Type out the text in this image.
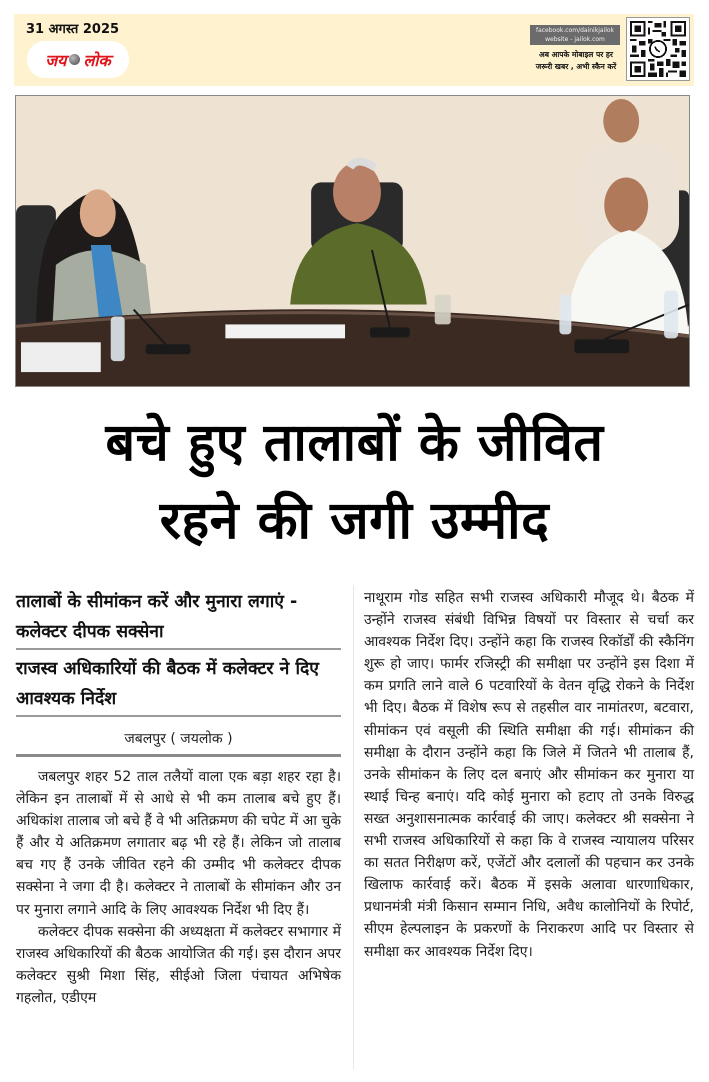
31 अगस्त 2025
जय लोक
facebook.com/dainikjailok
website - jailok.com
अब आपके मोबाइल पर हर
जरूरी खबर , अभी स्कैन करें
बचे हुए तालाबों के जीवित
रहने की जगी उम्मीद
तालाबों के सीमांकन करें और मुनारा लगाएं - कलेक्टर दीपक सक्सेना
राजस्व अधिकारियों की बैठक में कलेक्टर ने दिए आवश्यक निर्देश
जबलपुर ( जयलोक )

जबलपुर शहर 52 ताल तलैयों वाला एक बड़ा शहर रहा है। लेकिन इन तालाबों में से आधे से भी कम तालाब बचे हुए हैं। अधिकांश तालाब जो बचे हैं वे भी अतिक्रमण की चपेट में आ चुके हैं और ये अतिक्रमण लगातार बढ़ भी रहे हैं। लेकिन जो तालाब बच गए हैं उनके जीवित रहने की उम्मीद भी कलेक्टर दीपक सक्सेना ने जगा दी है। कलेक्टर ने तालाबों के सीमांकन और उन पर मुनारा लगाने आदि के लिए आवश्यक निर्देश भी दिए हैं।

कलेक्टर दीपक सक्सेना की अध्यक्षता में कलेक्टर सभागार में राजस्व अधिकारियों की बैठक आयोजित की गई। इस दौरान अपर कलेक्टर सुश्री मिशा सिंह, सीईओ जिला पंचायत अभिषेक गहलोत, एडीएम

नाथूराम गोड सहित सभी राजस्व अधिकारी मौजूद थे। बैठक में उन्होंने राजस्व संबंधी विभिन्न विषयों पर विस्तार से चर्चा कर आवश्यक निर्देश दिए। उन्होंने कहा कि राजस्व रिकॉर्डों की स्कैनिंग शुरू हो जाए। फार्मर रजिस्ट्री की समीक्षा पर उन्होंने इस दिशा में कम प्रगति लाने वाले 6 पटवारियों के वेतन वृद्धि रोकने के निर्देश भी दिए। बैठक में विशेष रूप से तहसील वार नामांतरण, बटवारा, सीमांकन एवं वसूली की स्थिति समीक्षा की गई। सीमांकन की समीक्षा के दौरान उन्होंने कहा कि जिले में जितने भी तालाब हैं, उनके सीमांकन के लिए दल बनाएं और सीमांकन कर मुनारा या स्थाई चिन्ह बनाएं। यदि कोई मुनारा को हटाए तो उनके विरुद्ध सख्त अनुशासनात्मक कार्रवाई की जाए। कलेक्टर श्री सक्सेना ने सभी राजस्व अधिकारियों से कहा कि वे राजस्व न्यायालय परिसर का सतत निरीक्षण करें, एजेंटों और दलालों की पहचान कर उनके खिलाफ कार्रवाई करें। बैठक में इसके अलावा धारणाधिकार, प्रधानमंत्री मंत्री किसान सम्मान निधि, अवैध कालोनियों के रिपोर्ट, सीएम हेल्पलाइन के प्रकरणों के निराकरण आदि पर विस्तार से समीक्षा कर आवश्यक निर्देश दिए।
